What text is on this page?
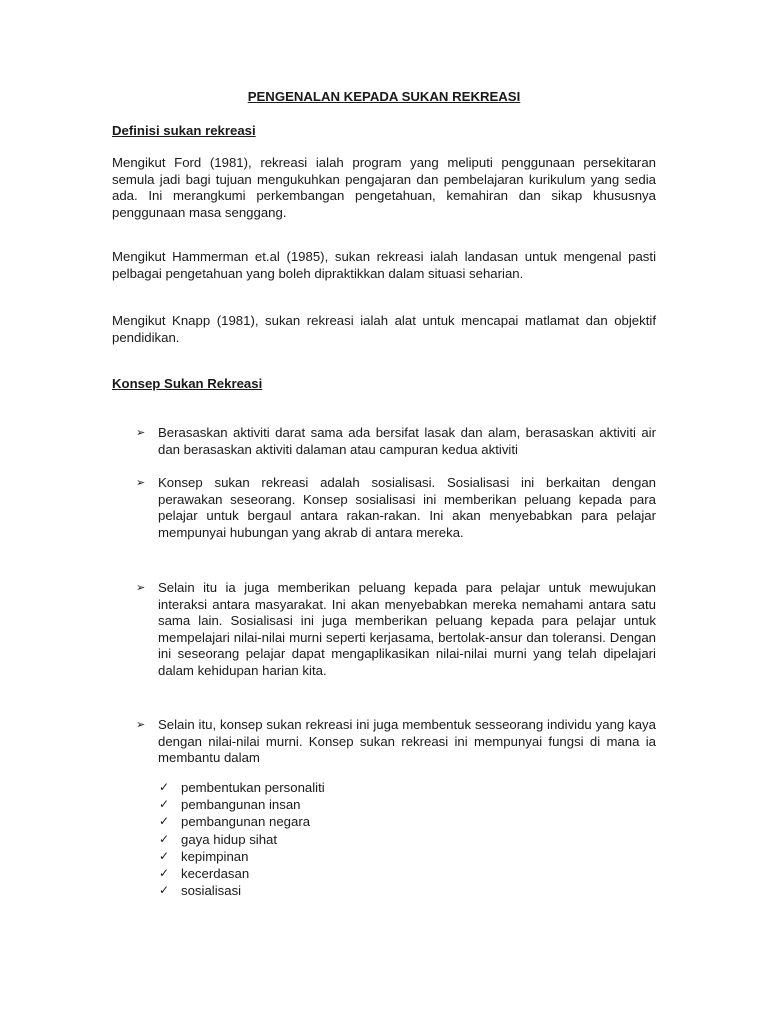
PENGENALAN KEPADA SUKAN REKREASI
Definisi sukan rekreasi
Mengikut Ford (1981), rekreasi ialah program yang meliputi penggunaan persekitaran semula jadi bagi tujuan mengukuhkan pengajaran dan pembelajaran kurikulum yang sedia ada. Ini merangkumi perkembangan pengetahuan, kemahiran dan sikap khususnya penggunaan masa senggang.
Mengikut Hammerman et.al (1985), sukan rekreasi ialah landasan untuk mengenal pasti pelbagai pengetahuan yang boleh dipraktikkan dalam situasi seharian.
Mengikut Knapp (1981), sukan rekreasi ialah alat untuk mencapai matlamat dan objektif pendidikan.
Konsep Sukan Rekreasi
➢ Berasaskan aktiviti darat sama ada bersifat lasak dan alam, berasaskan aktiviti air dan berasaskan aktiviti dalaman atau campuran kedua aktiviti
➢ Konsep sukan rekreasi adalah sosialisasi. Sosialisasi ini berkaitan dengan perawakan seseorang. Konsep sosialisasi ini memberikan peluang kepada para pelajar untuk bergaul antara rakan-rakan. Ini akan menyebabkan para pelajar mempunyai hubungan yang akrab di antara mereka.
➢ Selain itu ia juga memberikan peluang kepada para pelajar untuk mewujukan interaksi antara masyarakat. Ini akan menyebabkan mereka nemahami antara satu sama lain. Sosialisasi ini juga memberikan peluang kepada para pelajar untuk mempelajari nilai-nilai murni seperti kerjasama, bertolak-ansur dan toleransi. Dengan ini seseorang pelajar dapat mengaplikasikan nilai-nilai murni yang telah dipelajari dalam kehidupan harian kita.
➢ Selain itu, konsep sukan rekreasi ini juga membentuk sesseorang individu yang kaya dengan nilai-nilai murni. Konsep sukan rekreasi ini mempunyai fungsi di mana ia membantu dalam
✓ pembentukan personaliti
✓ pembangunan insan
✓ pembangunan negara
✓ gaya hidup sihat
✓ kepimpinan
✓ kecerdasan
✓ sosialisasi
